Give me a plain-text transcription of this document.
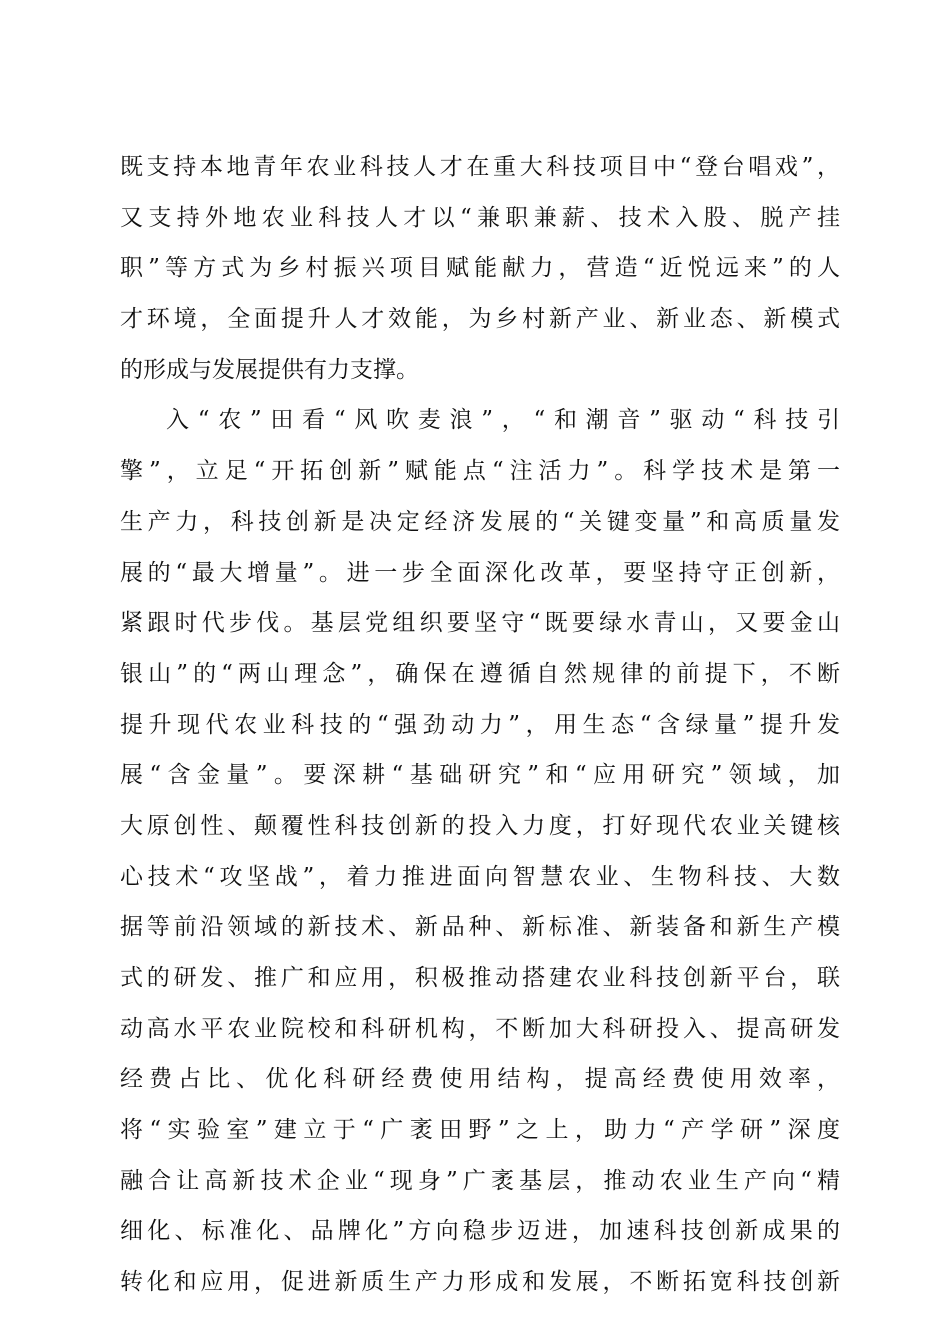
既支持本地青年农业科技人才在重大科技项目中“登台唱戏”，
又支持外地农业科技人才以“兼职兼薪、技术入股、脱产挂
职”等方式为乡村振兴项目赋能献力，营造“近悦远来”的人
才环境，全面提升人才效能，为乡村新产业、新业态、新模式
的形成与发展提供有力支撑。
入“农”田看“风吹麦浪”，“和潮音”驱动“科技引
擎”，立足“开拓创新”赋能点“注活力”。科学技术是第一
生产力，科技创新是决定经济发展的“关键变量”和高质量发
展的“最大增量”。进一步全面深化改革，要坚持守正创新，
紧跟时代步伐。基层党组织要坚守“既要绿水青山，又要金山
银山”的“两山理念”，确保在遵循自然规律的前提下，不断
提升现代农业科技的“强劲动力”，用生态“含绿量”提升发
展“含金量”。要深耕“基础研究”和“应用研究”领域，加
大原创性、颠覆性科技创新的投入力度，打好现代农业关键核
心技术“攻坚战”，着力推进面向智慧农业、生物科技、大数
据等前沿领域的新技术、新品种、新标准、新装备和新生产模
式的研发、推广和应用，积极推动搭建农业科技创新平台，联
动高水平农业院校和科研机构，不断加大科研投入、提高研发
经费占比、优化科研经费使用结构，提高经费使用效率，
将“实验室”建立于“广袤田野”之上，助力“产学研”深度
融合让高新技术企业“现身”广袤基层，推动农业生产向“精
细化、标准化、品牌化”方向稳步迈进，加速科技创新成果的
转化和应用，促进新质生产力形成和发展，不断拓宽科技创新
